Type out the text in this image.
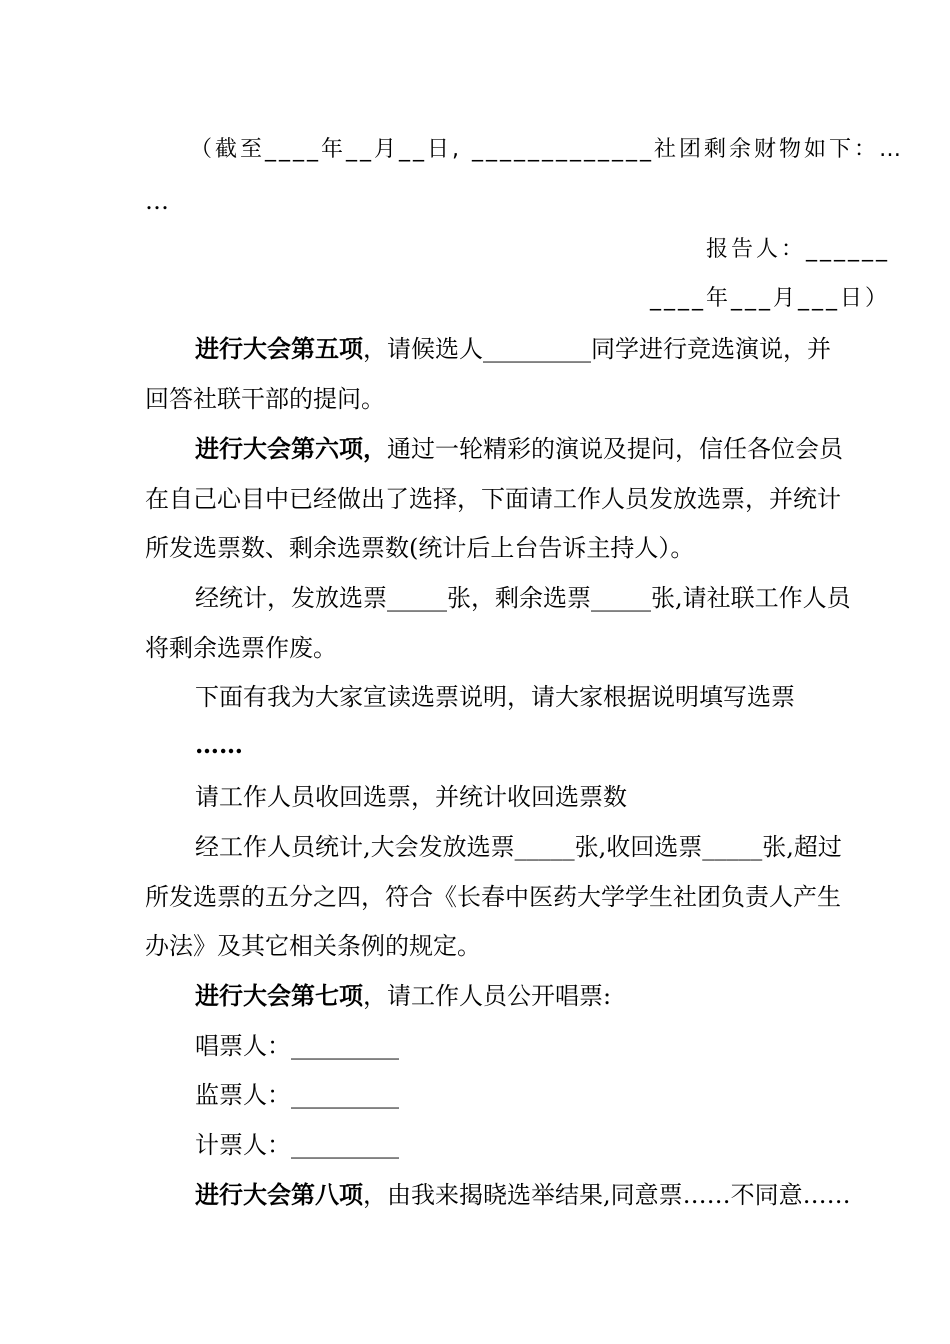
（截至____年__月__日, _____________社团剩余财物如下：…
…
报告人：______
____年___月___日）
进行大会第五项，请候选人_________同学进行竞选演说，并
回答社联干部的提问。
进行大会第六项，通过一轮精彩的演说及提问，信任各位会员
在自己心目中已经做出了选择，下面请工作人员发放选票，并统计
所发选票数、剩余选票数(统计后上台告诉主持人）。
经统计，发放选票_____张，剩余选票_____张,请社联工作人员
将剩余选票作废。
下面有我为大家宣读选票说明，请大家根据说明填写选票
……
请工作人员收回选票，并统计收回选票数
经工作人员统计,大会发放选票_____张,收回选票_____张,超过
所发选票的五分之四，符合《长春中医药大学学生社团负责人产生
办法》及其它相关条例的规定。
进行大会第七项，请工作人员公开唱票:
唱票人：_________
监票人：_________
计票人：_________
进行大会第八项，由我来揭晓选举结果,同意票……不同意……
